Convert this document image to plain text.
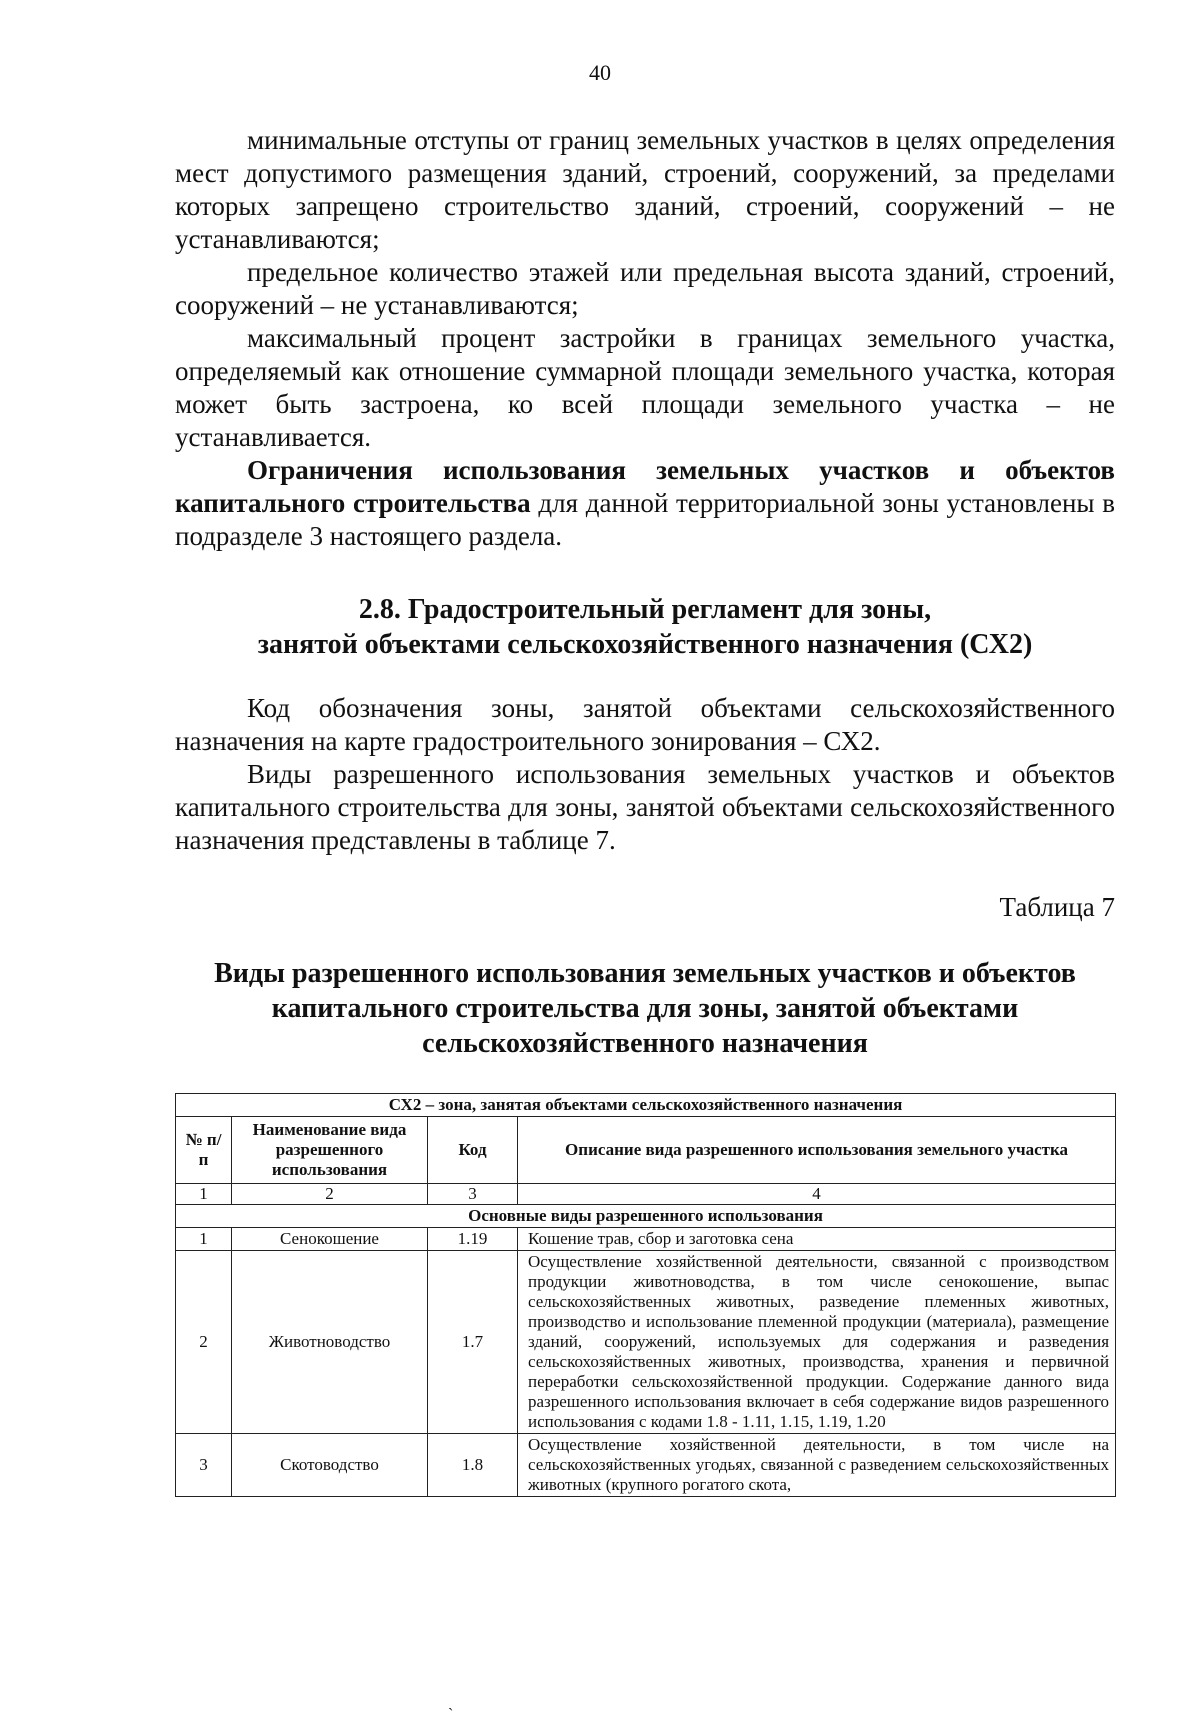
40

минимальные отступы от границ земельных участков в целях определения мест допустимого размещения зданий, строений, сооружений, за пределами которых запрещено строительство зданий, строений, сооружений – не устанавливаются;

предельное количество этажей или предельная высота зданий, строений, сооружений – не устанавливаются;

максимальный процент застройки в границах земельного участка, определяемый как отношение суммарной площади земельного участка, которая может быть застроена, ко всей площади земельного участка – не устанавливается.

Ограничения использования земельных участков и объектов капитального строительства для данной территориальной зоны установлены в подразделе 3 настоящего раздела.

2.8. Градостроительный регламент для зоны,
занятой объектами сельскохозяйственного назначения (СХ2)

Код обозначения зоны, занятой объектами сельскохозяйственного назначения на карте градостроительного зонирования – СХ2.

Виды разрешенного использования земельных участков и объектов капитального строительства для зоны, занятой объектами сельскохозяйственного назначения представлены в таблице 7.

Таблица 7
Виды разрешенного использования земельных участков и объектов
капитального строительства для зоны, занятой объектами
сельскохозяйственного назначения
СХ2 – зона, занятая объектами сельскохозяйственного назначения			
№ п/п	Наименование вида разрешенного использования	Код	Описание вида разрешенного использования земельного участка
1	2	3	4
Основные виды разрешенного использования			
1	Сенокошение	1.19	Кошение трав, сбор и заготовка сена
2	Животноводство	1.7	Осуществление хозяйственной деятельности, связанной с производством продукции животноводства, в том числе сенокошение, выпас сельскохозяйственных животных, разведение племенных животных, производство и использование племенной продукции (материала), размещение зданий, сооружений, используемых для содержания и разведения сельскохозяйственных животных, производства, хранения и первичной переработки сельскохозяйственной продукции. Содержание данного вида разрешенного использования включает в себя содержание видов разрешенного использования с кодами 1.8 - 1.11, 1.15, 1.19, 1.20
3	Скотоводство	1.8	Осуществление хозяйственной деятельности, в том числе на сельскохозяйственных угодьях, связанной с разведением сельскохозяйственных животных (крупного рогатого скота,
ˎ
